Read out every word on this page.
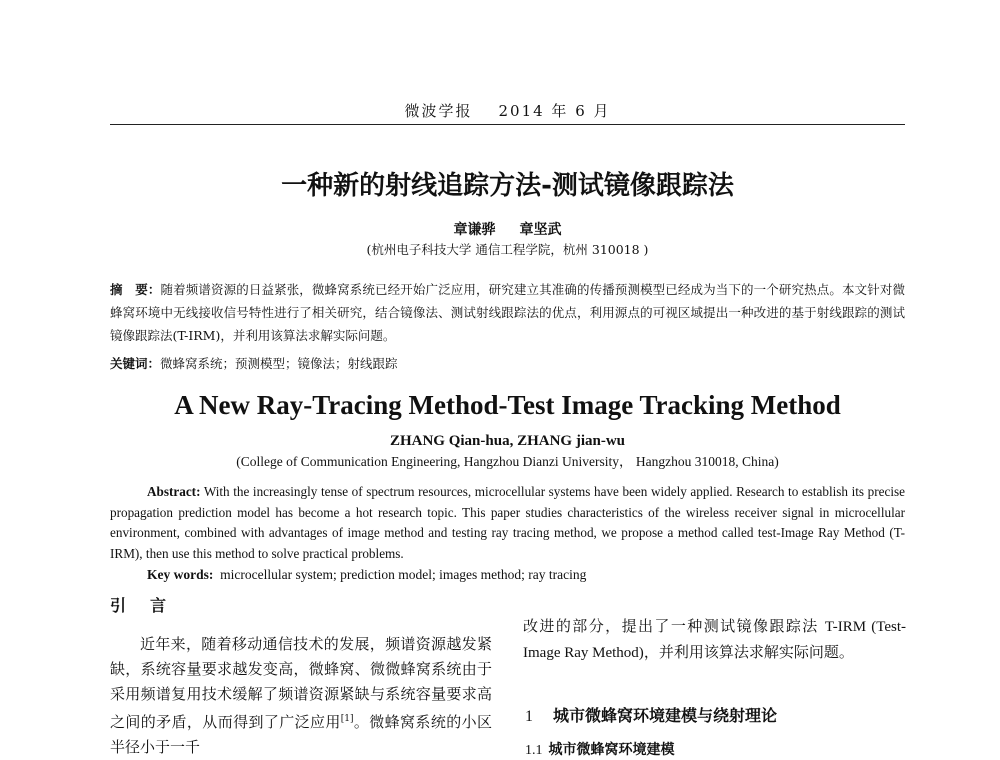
微波学报 2014 年 6 月
一种新的射线追踪方法-测试镜像跟踪法
章谦骅 章坚武
(杭州电子科技大学 通信工程学院，杭州 310018 )
摘　要：随着频谱资源的日益紧张，微蜂窝系统已经开始广泛应用，研究建立其准确的传播预测模型已经成为当下的一个研究热点。本文针对微蜂窝环境中无线接收信号特性进行了相关研究，结合镜像法、测试射线跟踪法的优点，利用源点的可视区域提出一种改进的基于射线跟踪的测试镜像跟踪法(T-IRM)，并利用该算法求解实际问题。
关键词：微蜂窝系统；预测模型；镜像法；射线跟踪
A New Ray-Tracing Method-Test Image Tracking Method
ZHANG Qian-hua, ZHANG jian-wu
(College of Communication Engineering, Hangzhou Dianzi University， Hangzhou 310018, China)
Abstract: With the increasingly tense of spectrum resources, microcellular systems have been widely applied. Research to establish its precise propagation prediction model has become a hot research topic. This paper studies characteristics of the wireless receiver signal in microcellular environment, combined with advantages of image method and testing ray tracing method, we propose a method called test-Image Ray Method (T-IRM), then use this method to solve practical problems.
Key words: microcellular system; prediction model; images method; ray tracing
引 言
近年来，随着移动通信技术的发展，频谱资源越发紧缺，系统容量要求越发变高，微蜂窝、微微蜂窝系统由于采用频谱复用技术缓解了频谱资源紧缺与系统容量要求高之间的矛盾，从而得到了广泛应用[1]。微蜂窝系统的小区半径小于一千
改进的部分，提出了一种测试镜像跟踪法 T-IRM (Test-Image Ray Method)，并利用该算法求解实际问题。
1 城市微蜂窝环境建模与绕射理论
1.1 城市微蜂窝环境建模
